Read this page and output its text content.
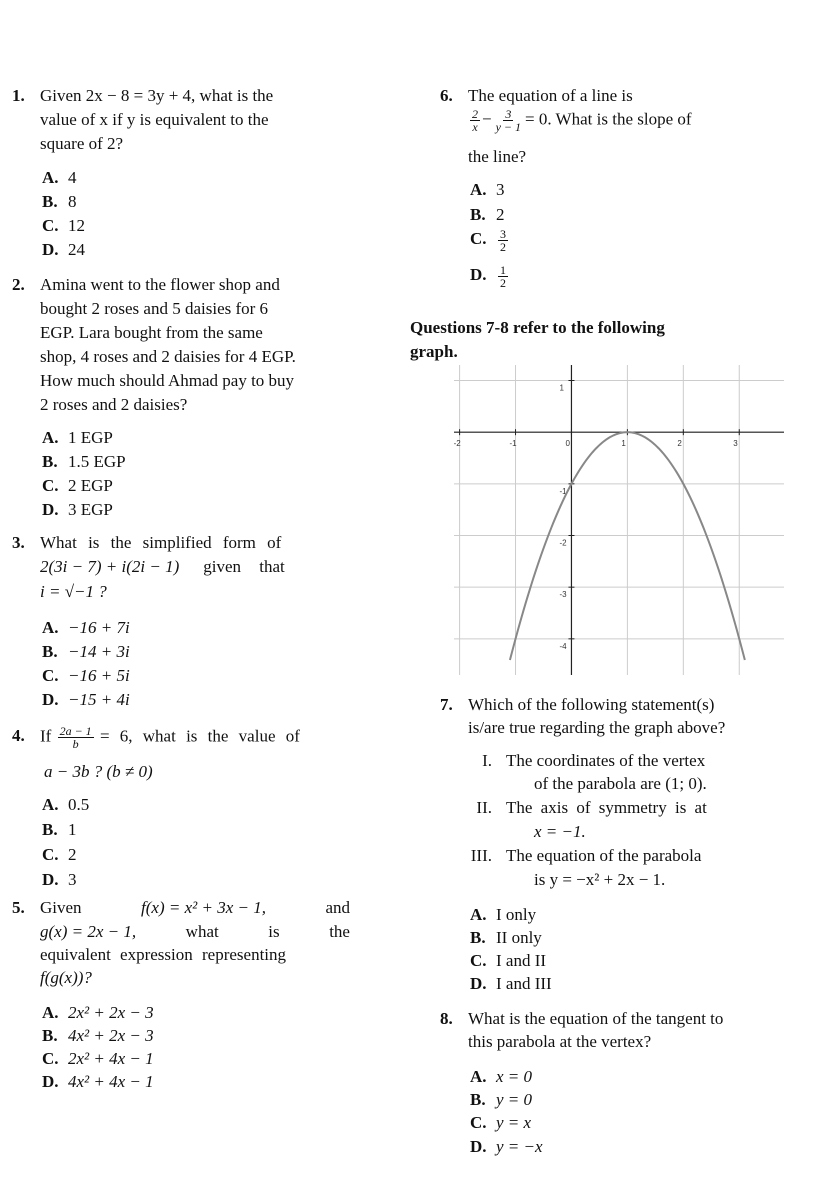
1. Given 2x − 8 = 3y + 4, what is the
value of x if y is equivalent to the
square of 2?
A. 4
B. 8
C. 12
D. 24
2. Amina went to the flower shop and
bought 2 roses and 5 daisies for 6
EGP. Lara bought from the same
shop, 4 roses and 2 daisies for 4 EGP.
How much should Ahmad pay to buy
2 roses and 2 daisies?
A. 1 EGP
B. 1.5 EGP
C. 2 EGP
D. 3 EGP
3. What is the simplified form of
2(3i − 7) + i(2i − 1) given that
i = √−1 ?
A. −16 + 7i
B. −14 + 3i
C. −16 + 5i
D. −15 + 4i
4. If $\frac{2a - 1}{b} = 6$, what is the value of
a − 3b ? (b ≠ 0)
A. 0.5
B. 1
C. 2
D. 3
5. Given	f(x) = x² + 3x − 1,	and
g(x) = 2x − 1,	what	is	the
equivalent expression representing
f(g(x))?
A. 2x² + 2x − 3
B. 4x² + 2x − 3
C. 2x² + 4x − 1
D. 4x² + 4x − 1
6. The equation of a line is
$\frac{2}{x} - \frac{3}{y - 1} = 0$. What is the slope of
the line?
A. 3
B. 2
C. $\frac{3}{2}$
D. $\frac{1}{2}$
Questions 7-8 refer to the following
graph.
-2	-1	0	1	2	3
1
-1
-2
-3
-4
7. Which of the following statement(s)
is/are true regarding the graph above?
I. The coordinates of the vertex
of the parabola are (1; 0).
II. The axis of symmetry is at
x = −1.
III. The equation of the parabola
is y = −x² + 2x − 1.
A. I only
B. II only
C. I and II
D. I and III
8. What is the equation of the tangent to
this parabola at the vertex?
A. x = 0
B. y = 0
C. y = x
D. y = −x
